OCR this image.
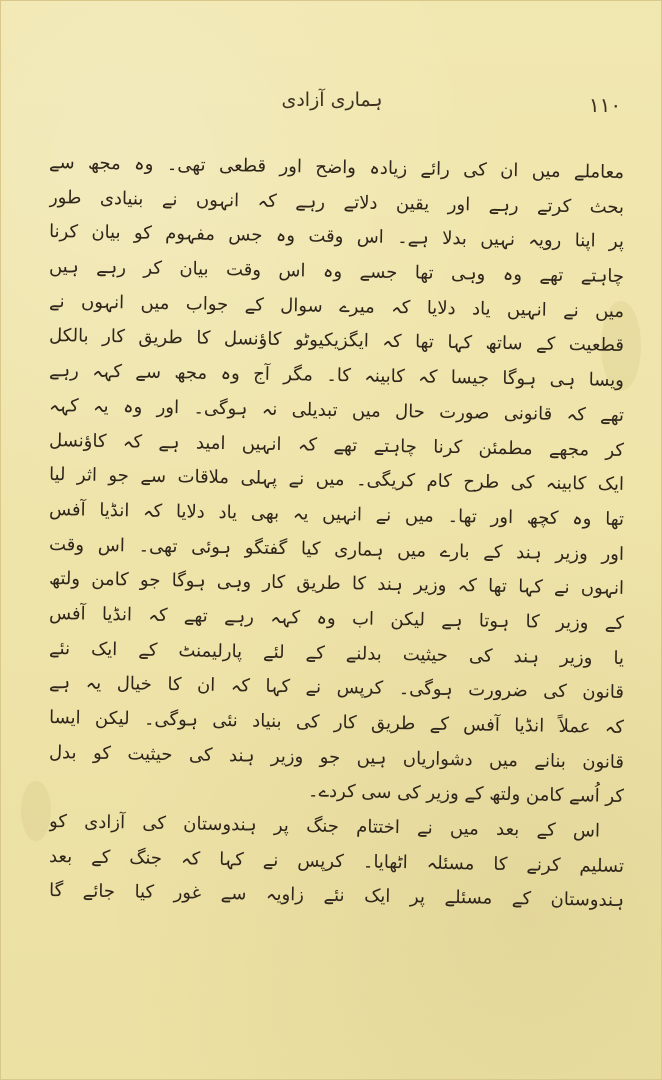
ہماری آزادی	۱۱۰

معاملے میں ان کی رائے زیادہ واضح اور قطعی تھی۔ وہ مجھ سے

بحث کرتے رہے اور یقین دلاتے رہے کہ انہوں نے بنیادی طور

پر اپنا رویہ نہیں بدلا ہے۔ اس وقت وہ جس مفہوم کو بیان کرنا

چاہتے تھے وہ وہی تھا جسے وہ اس وقت بیان کر رہے ہیں

میں نے انہیں یاد دلایا کہ میرے سوال کے جواب میں انہوں نے

قطعیت کے ساتھ کہا تھا کہ ایگزیکیوٹو کاؤنسل کا طریق کار بالکل

ویسا ہی ہوگا جیسا کہ کابینہ کا۔ مگر آج وہ مجھ سے کہہ رہے

تھے کہ قانونی صورت حال میں تبدیلی نہ ہوگی۔ اور وہ یہ کہہ

کر مجھے مطمئن کرنا چاہتے تھے کہ انہیں امید ہے کہ کاؤنسل

ایک کابینہ کی طرح کام کریگی۔ میں نے پہلی ملاقات سے جو اثر لیا

تھا وہ کچھ اور تھا۔ میں نے انہیں یہ بھی یاد دلایا کہ انڈیا آفس

اور وزیر ہند کے بارے میں ہماری کیا گفتگو ہوئی تھی۔ اس وقت

انہوں نے کہا تھا کہ وزیر ہند کا طریق کار وہی ہوگا جو کامن ولتھ

کے وزیر کا ہوتا ہے لیکن اب وہ کہہ رہے تھے کہ انڈیا آفس

یا وزیر ہند کی حیثیت بدلنے کے لئے پارلیمنٹ کے ایک نئے

قانون کی ضرورت ہوگی۔ کرپس نے کہا کہ ان کا خیال یہ ہے

کہ عملاً انڈیا آفس کے طریق کار کی بنیاد نئی ہوگی۔ لیکن ایسا

قانون بنانے میں دشواریاں ہیں جو وزیر ہند کی حیثیت کو بدل

کر اُسے کامن ولتھ کے وزیر کی سی کردے۔

اس کے بعد میں نے اختتام جنگ پر ہندوستان کی آزادی کو

تسلیم کرنے کا مسئلہ اٹھایا۔ کرپس نے کہا کہ جنگ کے بعد

ہندوستان کے مسئلے پر ایک نئے زاویہ سے غور کیا جائے گا
